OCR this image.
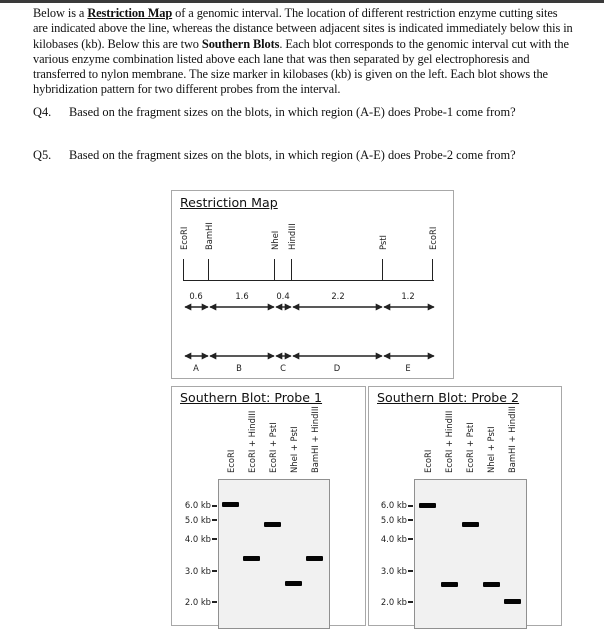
Below is a Restriction Map of a genomic interval. The location of different restriction enzyme cutting sites are indicated above the line, whereas the distance between adjacent sites is indicated immediately below this in kilobases (kb). Below this are two Southern Blots. Each blot corresponds to the genomic interval cut with the various enzyme combination listed above each lane that was then separated by gel electrophoresis and transferred to nylon membrane. The size marker in kilobases (kb) is given on the left. Each blot shows the hybridization pattern for two different probes from the interval.

Q4. Based on the fragment sizes on the blots, in which region (A-E) does Probe-1 come from?
Q5. Based on the fragment sizes on the blots, in which region (A-E) does Probe-2 come from?
Restriction Map
EcoRI BamHI	NheI HindIII	PstI	EcoRI
0.6	1.6	0.4	2.2	1.2
A	B	C	D	E
Southern Blot: Probe 1
EcoRI EcoRI + HindIII EcoRI + PstI NheI + PstI BamHI + HindIII
6.0 kb
5.0 kb
4.0 kb
3.0 kb
2.0 kb
Southern Blot: Probe 2
EcoRI EcoRI + HindIII EcoRI + PstI NheI + PstI BamHI + HindIII
6.0 kb
5.0 kb
4.0 kb
3.0 kb
2.0 kb
